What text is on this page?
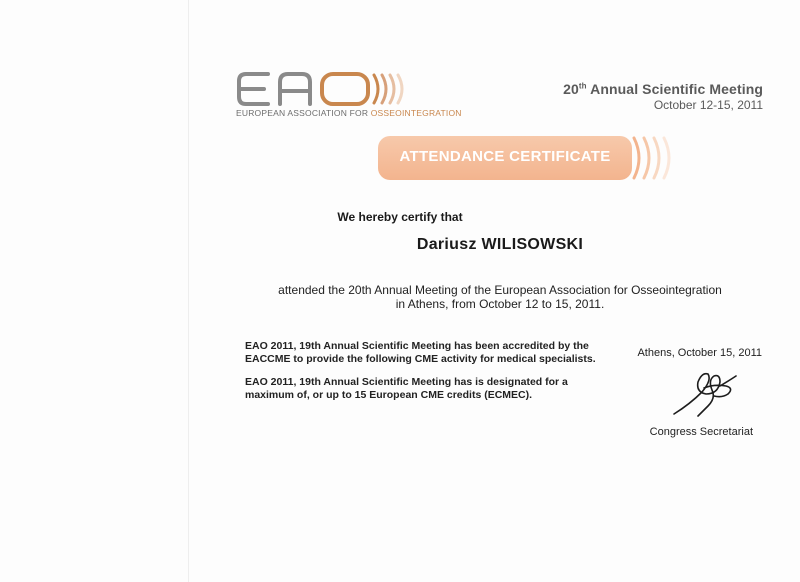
EUROPEAN ASSOCIATION FOR OSSEOINTEGRATION
20th Annual Scientific Meeting
October 12-15, 2011
ATTENDANCE CERTIFICATE
We hereby certify that
Dariusz WILISOWSKI
attended the 20th Annual Meeting of the European Association for Osseointegration
in Athens, from October 12 to 15, 2011.
EAO 2011, 19th Annual Scientific Meeting has been accredited by the
EACCME to provide the following CME activity for medical specialists.
EAO 2011, 19th Annual Scientific Meeting has is designated for a
maximum of, or up to 15 European CME credits (ECMEC).
Athens, October 15, 2011
Congress Secretariat
